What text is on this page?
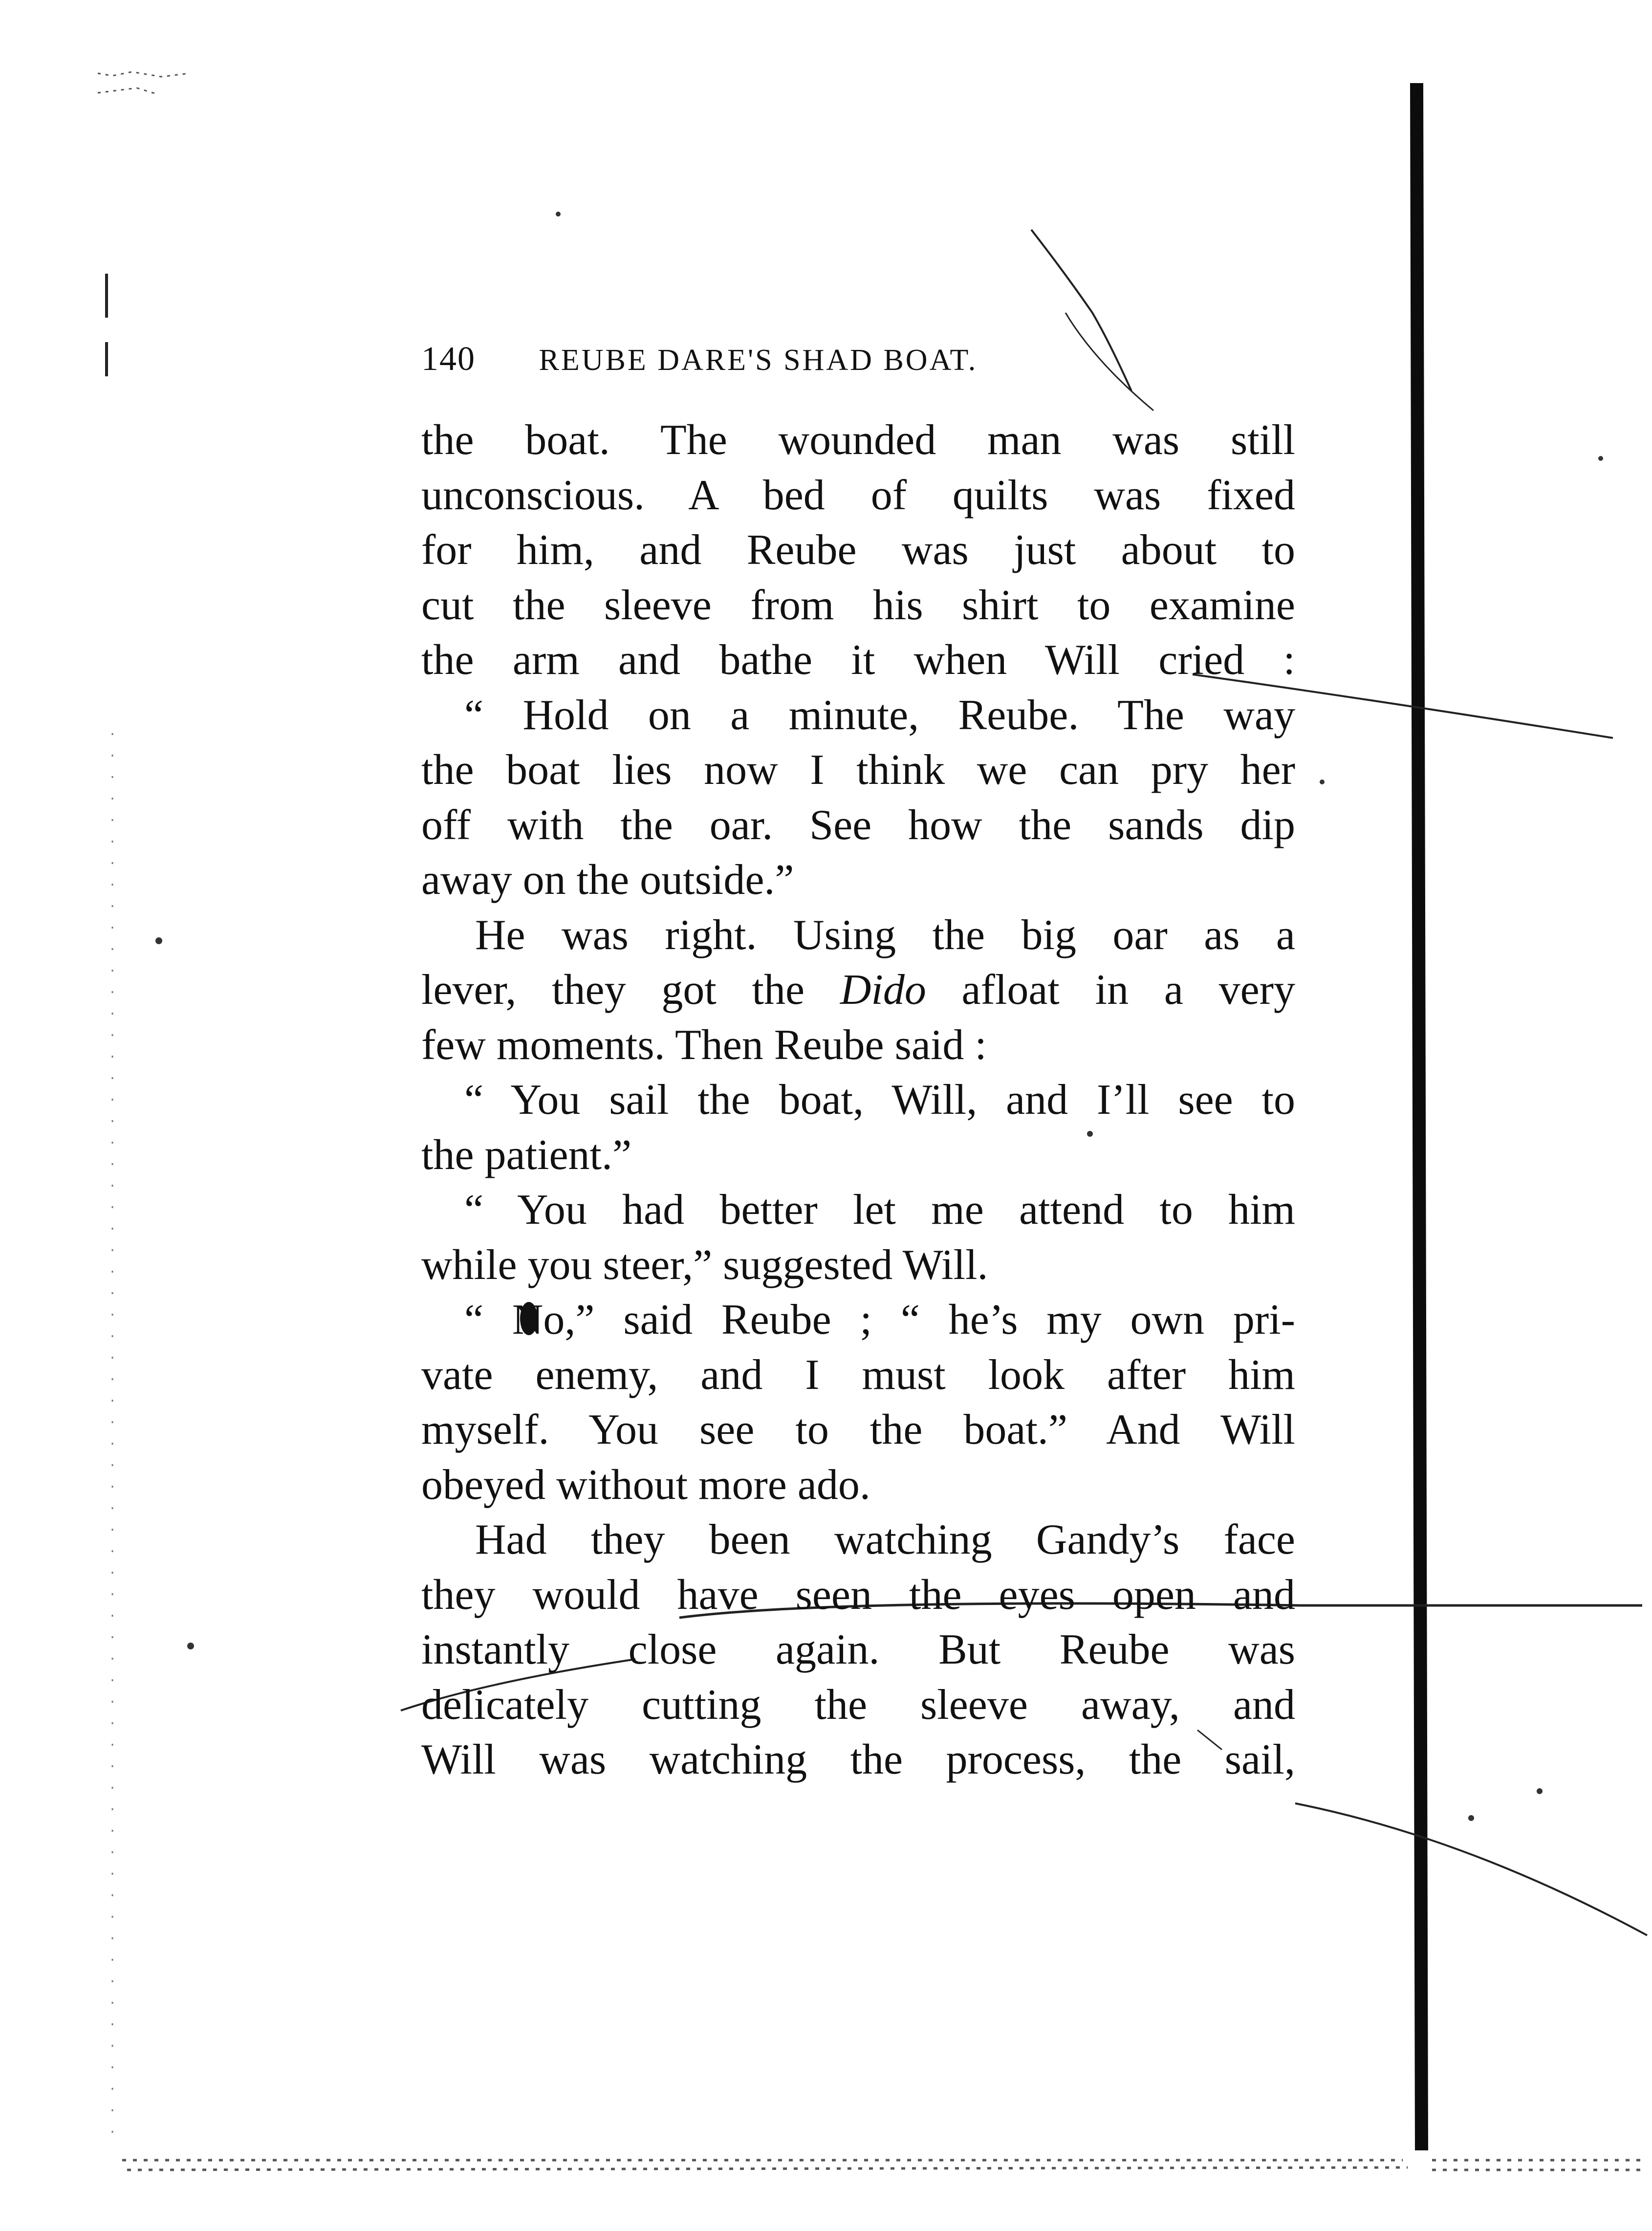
140 REUBE DARE'S SHAD BOAT.
the boat. The wounded man was still
unconscious. A bed of quilts was fixed
for him, and Reube was just about to
cut the sleeve from his shirt to examine
the arm and bathe it when Will cried :
“ Hold on a minute, Reube. The way
the boat lies now I think we can pry her
off with the oar. See how the sands dip
away on the outside.”
He was right. Using the big oar as a
lever, they got the Dido afloat in a very
few moments. Then Reube said :
“ You sail the boat, Will, and I’ll see to
the patient.”
“ You had better let me attend to him
while you steer,” suggested Will.
“ No,” said Reube ; “ he’s my own pri-
vate enemy, and I must look after him
myself. You see to the boat.” And Will
obeyed without more ado.
Had they been watching Gandy’s face
they would have seen the eyes open and
instantly close again. But Reube was
delicately cutting the sleeve away, and
Will was watching the process, the sail,
